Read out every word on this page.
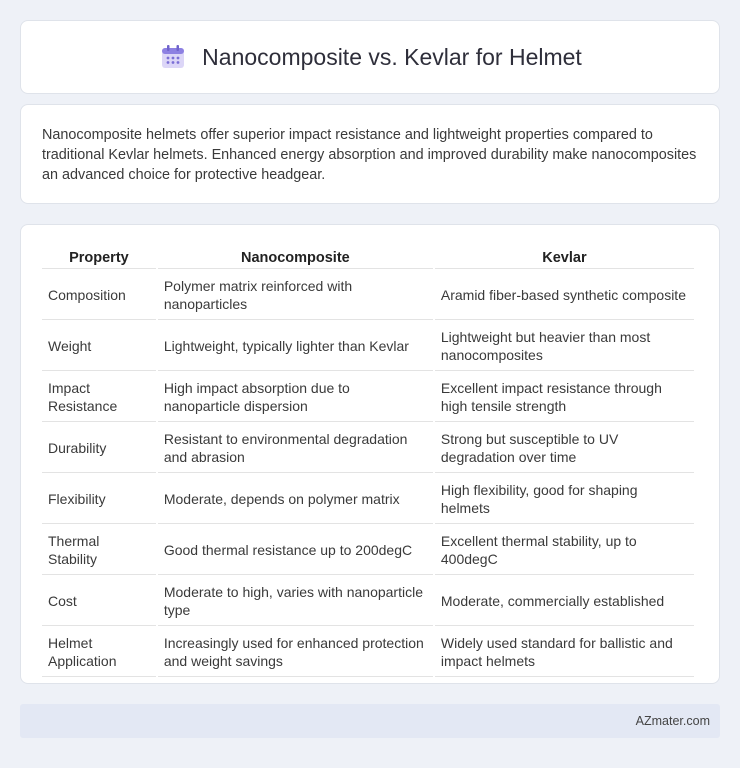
Nanocomposite vs. Kevlar for Helmet

Nanocomposite helmets offer superior impact resistance and lightweight properties compared to traditional Kevlar helmets. Enhanced energy absorption and improved durability make nanocomposites an advanced choice for protective headgear.

Property	Nanocomposite	Kevlar
Composition	Polymer matrix reinforced with nanoparticles	Aramid fiber-based synthetic composite
Weight	Lightweight, typically lighter than Kevlar	Lightweight but heavier than most nanocomposites
Impact Resistance	High impact absorption due to nanoparticle dispersion	Excellent impact resistance through high tensile strength
Durability	Resistant to environmental degradation and abrasion	Strong but susceptible to UV degradation over time
Flexibility	Moderate, depends on polymer matrix	High flexibility, good for shaping helmets
Thermal Stability	Good thermal resistance up to 200degC	Excellent thermal stability, up to 400degC
Cost	Moderate to high, varies with nanoparticle type	Moderate, commercially established
Helmet Application	Increasingly used for enhanced protection and weight savings	Widely used standard for ballistic and impact helmets
AZmater.com
